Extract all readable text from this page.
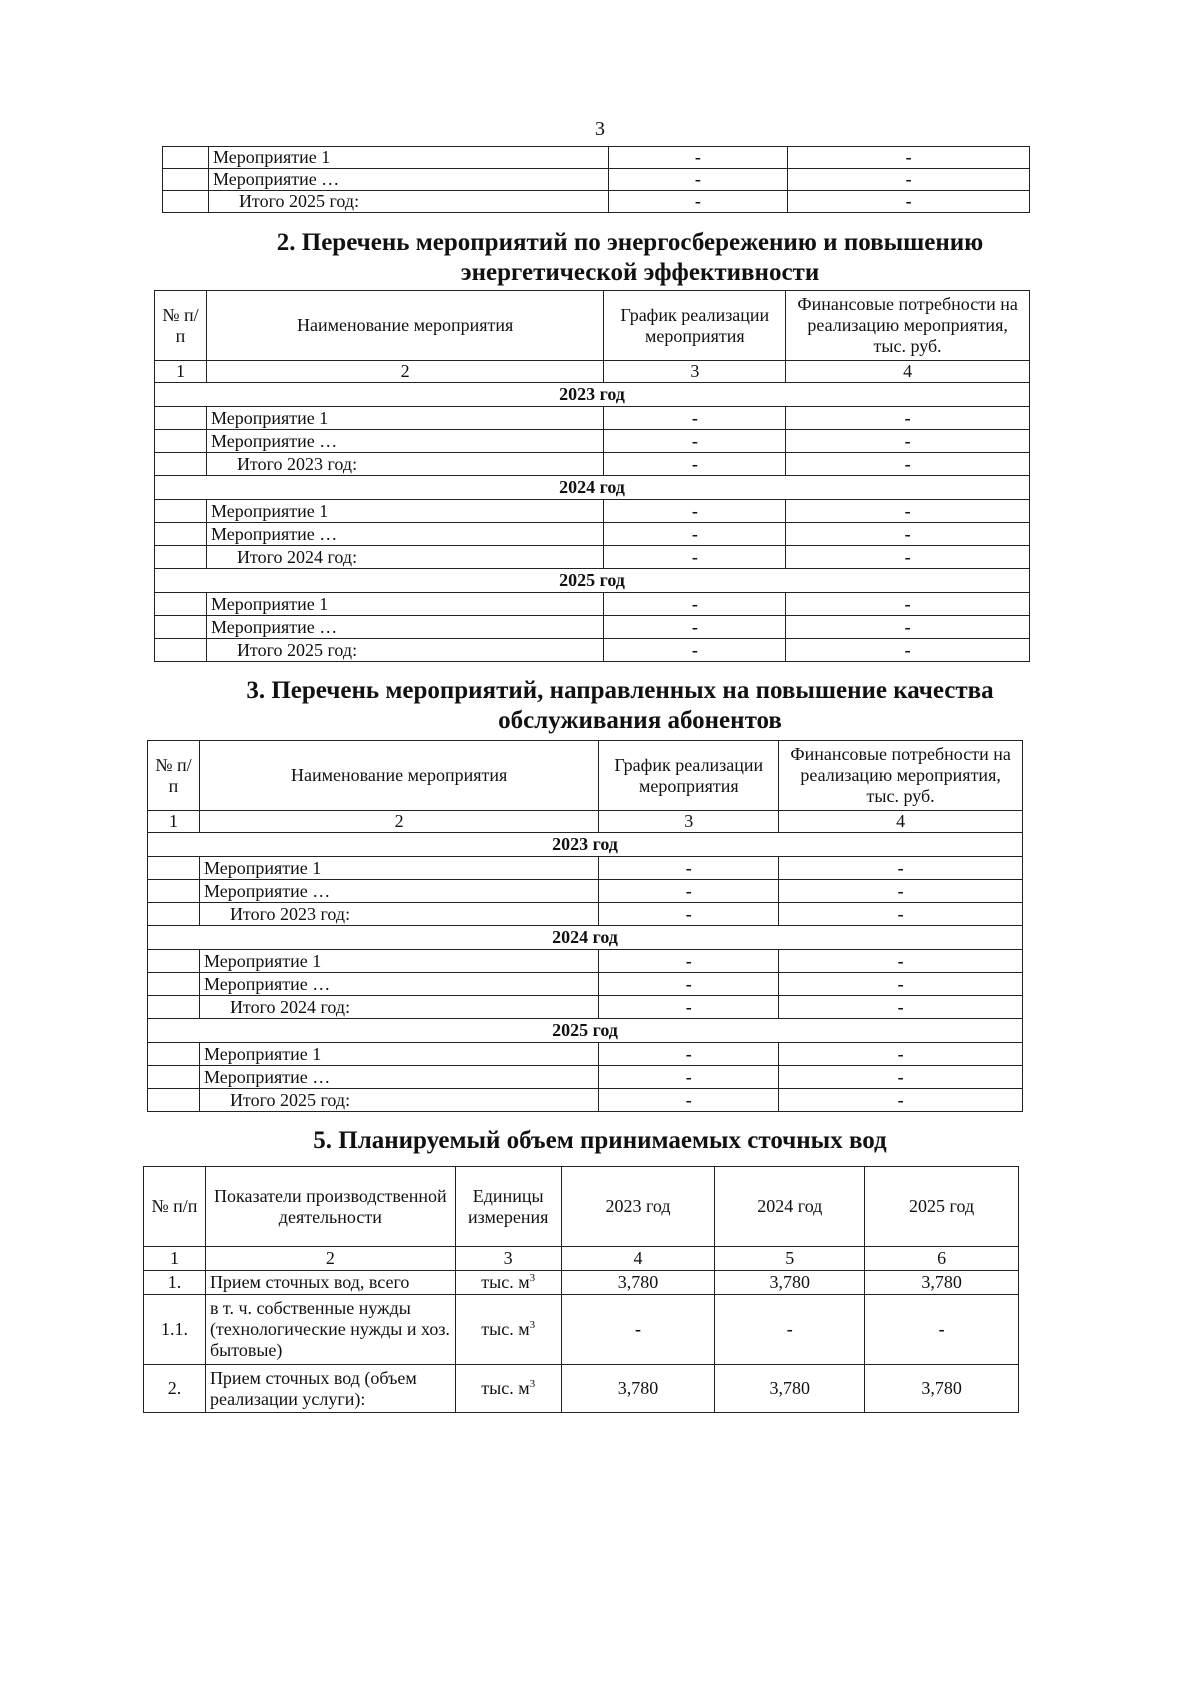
3
	Мероприятие 1	-	-
	Мероприятие …	-	-
	Итого 2025 год:	-	-
2. Перечень мероприятий по энергосбережению и повышению
энергетической эффективности
№ п/п	Наименование мероприятия	График реализации мероприятия	Финансовые потребности на реализацию мероприятия, тыс. руб.
1	2	3	4
2023 год			
	Мероприятие 1	-	-
	Мероприятие …	-	-
	Итого 2023 год:	-	-
2024 год			
	Мероприятие 1	-	-
	Мероприятие …	-	-
	Итого 2024 год:	-	-
2025 год			
	Мероприятие 1	-	-
	Мероприятие …	-	-
	Итого 2025 год:	-	-
3. Перечень мероприятий, направленных на повышение качества
обслуживания абонентов
№ п/п	Наименование мероприятия	График реализации мероприятия	Финансовые потребности на реализацию мероприятия, тыс. руб.
1	2	3	4
2023 год			
	Мероприятие 1	-	-
	Мероприятие …	-	-
	Итого 2023 год:	-	-
2024 год			
	Мероприятие 1	-	-
	Мероприятие …	-	-
	Итого 2024 год:	-	-
2025 год			
	Мероприятие 1	-	-
	Мероприятие …	-	-
	Итого 2025 год:	-	-
5. Планируемый объем принимаемых сточных вод
№ п/п	Показатели производственной деятельности	Единицы измерения	2023 год	2024 год	2025 год
1	2	3	4	5	6
1.	Прием сточных вод, всего	тыс. $м^3$	3,780	3,780	3,780
1.1.	в т. ч. собственные нужды (технологические нужды и хоз. бытовые)	тыс. $м^3$	-	-	-
2.	Прием сточных вод (объем реализации услуги):	тыс. $м^3$	3,780	3,780	3,780
